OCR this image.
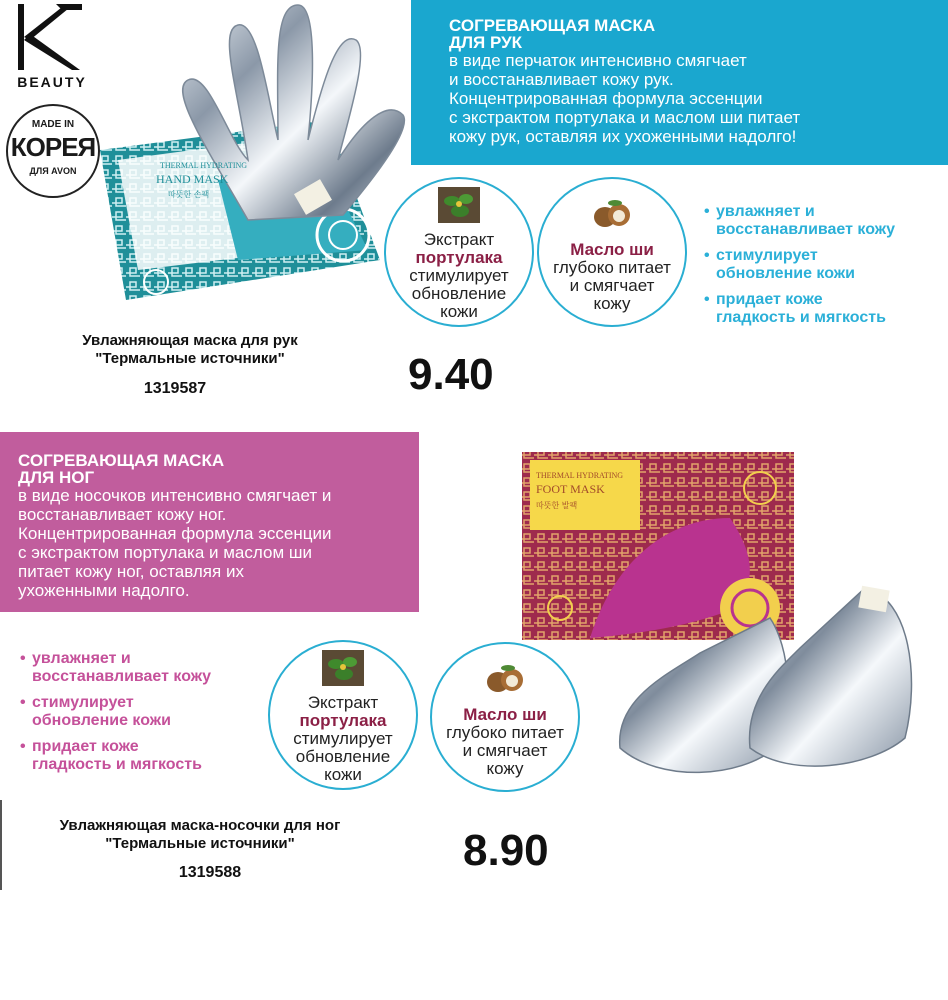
BEAUTY
MADE IN
КОРЕЯ
ДЛЯ AVON
THERMAL HYDRATING
HAND MASK
따뜻한 손팩
СОГРЕВАЮЩАЯ МАСКА
ДЛЯ РУК
в виде перчаток интенсивно смягчает
и восстанавливает кожу рук.
Концентрированная формула эссенции
с экстрактом портулака и маслом ши питает
кожу рук, оставляя их ухоженными надолго!
Экстракт
портулака
стимулирует
обновление
кожи
Масло ши
глубоко питает
и смягчает
кожу
• увлажняет и
восстанавливает кожу
• стимулирует
обновление кожи
• придает коже
гладкость и мягкость
Увлажняющая маска для рук
"Термальные источники"
1319587	9.40
СОГРЕВАЮЩАЯ МАСКА
ДЛЯ НОГ
в виде носочков интенсивно смягчает и
восстанавливает кожу ног.
Концентрированная формула эссенции
с экстрактом портулака и маслом ши
питает кожу ног, оставляя их
ухоженными надолго.
THERMAL HYDRATING
FOOT MASK
따뜻한 발팩
• увлажняет и
восстанавливает кожу
• стимулирует
обновление кожи
• придает коже
гладкость и мягкость
Экстракт
портулака
стимулирует
обновление
кожи
Масло ши
глубоко питает
и смягчает
кожу
Увлажняющая маска-носочки для ног
"Термальные источники"
1319588	8.90
